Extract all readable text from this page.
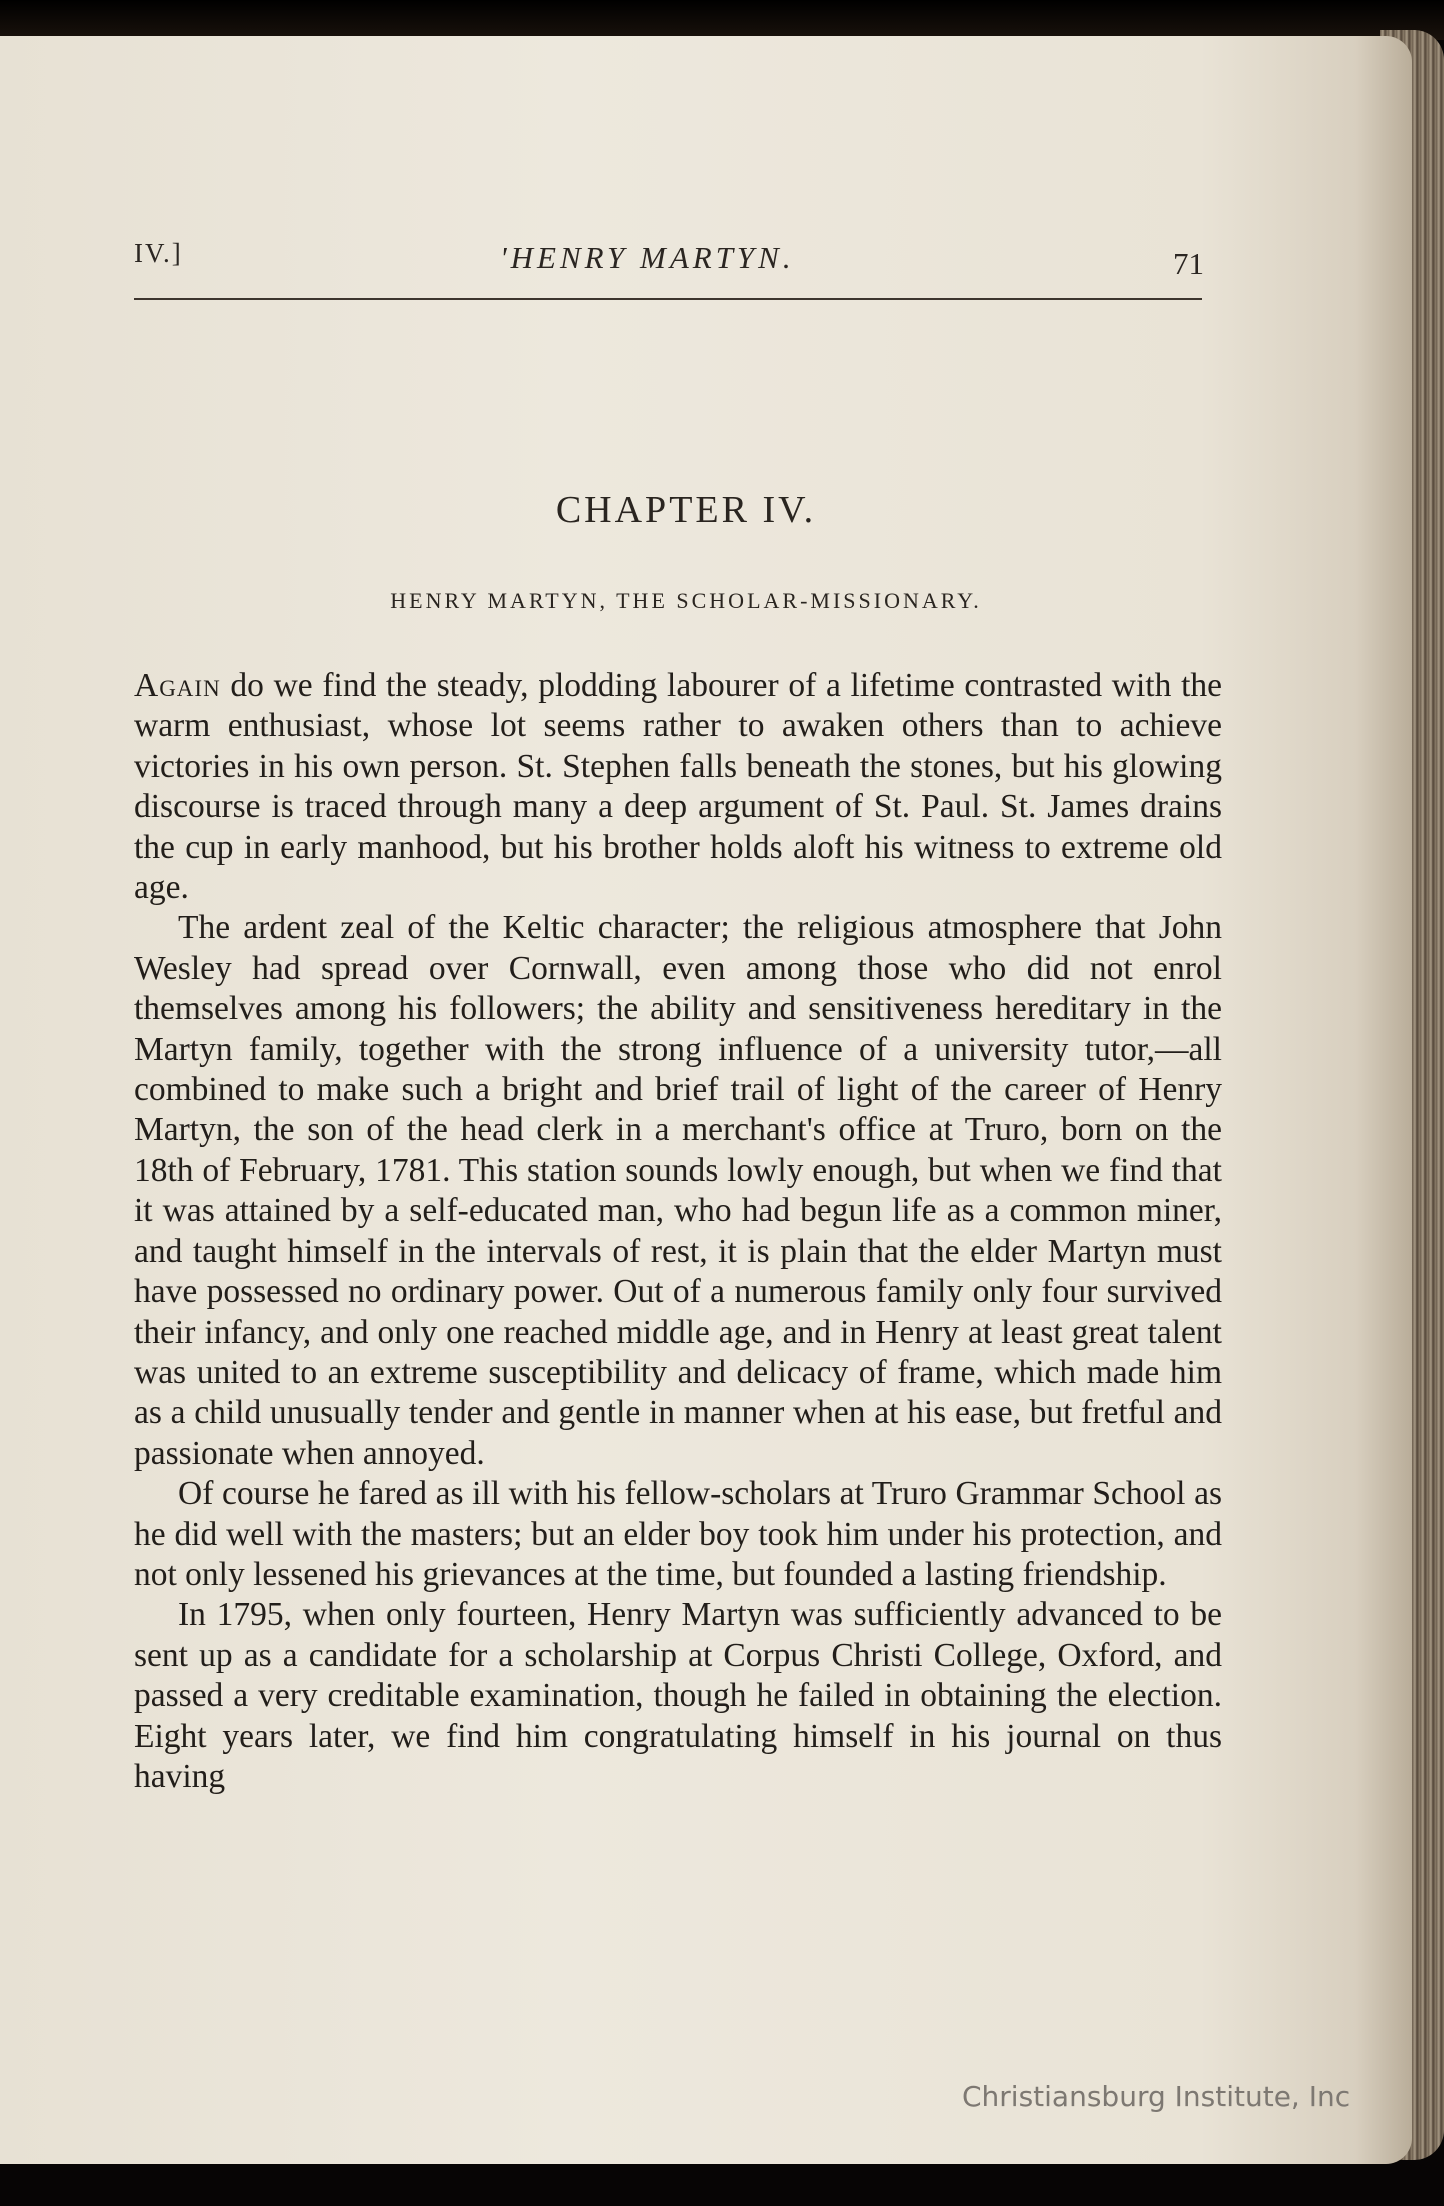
IV.]	'HENRY MARTYN.	71
CHAPTER IV.
HENRY MARTYN, THE SCHOLAR-MISSIONARY.

Again do we find the steady, plodding labourer of a lifetime contrasted with the warm enthusiast, whose lot seems rather to awaken others than to achieve victories in his own person. St. Stephen falls beneath the stones, but his glowing discourse is traced through many a deep argument of St. Paul. St. James drains the cup in early manhood, but his brother holds aloft his witness to extreme old age.

The ardent zeal of the Keltic character; the religious atmosphere that John Wesley had spread over Cornwall, even among those who did not enrol themselves among his followers; the ability and sensitiveness hereditary in the Martyn family, together with the strong influence of a university tutor,—all combined to make such a bright and brief trail of light of the career of Henry Martyn, the son of the head clerk in a merchant's office at Truro, born on the 18th of February, 1781. This station sounds lowly enough, but when we find that it was attained by a self-educated man, who had begun life as a common miner, and taught himself in the intervals of rest, it is plain that the elder Martyn must have possessed no ordinary power. Out of a numerous family only four survived their infancy, and only one reached middle age, and in Henry at least great talent was united to an extreme susceptibility and delicacy of frame, which made him as a child unusually tender and gentle in manner when at his ease, but fretful and passionate when annoyed.

Of course he fared as ill with his fellow-scholars at Truro Grammar School as he did well with the masters; but an elder boy took him under his protection, and not only lessened his grievances at the time, but founded a lasting friendship.

In 1795, when only fourteen, Henry Martyn was sufficiently advanced to be sent up as a candidate for a scholarship at Corpus Christi College, Oxford, and passed a very creditable examination, though he failed in obtaining the election. Eight years later, we find him congratulating himself in his journal on thus having

Christiansburg Institute, Inc
